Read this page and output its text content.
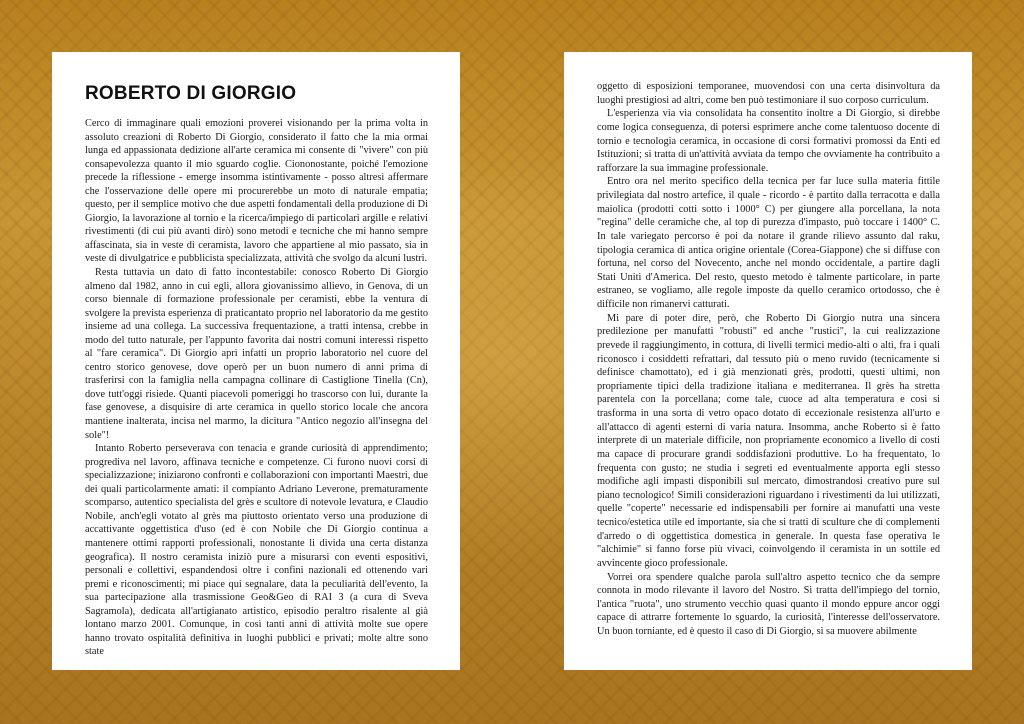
ROBERTO DI GIORGIO

Cerco di immaginare quali emozioni proverei visionando per la prima volta in assoluto creazioni di Roberto Di Giorgio, considerato il fatto che la mia ormai lunga ed appassionata dedizione all'arte ceramica mi consente di "vivere" con più consapevolezza quanto il mio sguardo coglie. Ciononostante, poiché l'emozione precede la riflessione - emerge insomma istintivamente - posso altresì affermare che l'osservazione delle opere mi procurerebbe un moto di naturale empatia; questo, per il semplice motivo che due aspetti fondamentali della produzione di Di Giorgio, la lavorazione al tornio e la ricerca/impiego di particolari argille e relativi rivestimenti (di cui più avanti dirò) sono metodi e tecniche che mi hanno sempre affascinata, sia in veste di ceramista, lavoro che appartiene al mio passato, sia in veste di divulgatrice e pubblicista specializzata, attività che svolgo da alcuni lustri.

Resta tuttavia un dato di fatto incontestabile: conosco Roberto Di Giorgio almeno dal 1982, anno in cui egli, allora giovanissimo allievo, in Genova, di un corso biennale di formazione professionale per ceramisti, ebbe la ventura di svolgere la prevista esperienza di praticantato proprio nel laboratorio da me gestito insieme ad una collega. La successiva frequentazione, a tratti intensa, crebbe in modo del tutto naturale, per l'appunto favorita dai nostri comuni interessi rispetto al "fare ceramica". Di Giorgio aprì infatti un proprio laboratorio nel cuore del centro storico genovese, dove operò per un buon numero di anni prima di trasferirsi con la famiglia nella campagna collinare di Castiglione Tinella (Cn), dove tutt'oggi risiede. Quanti piacevoli pomeriggi ho trascorso con lui, durante la fase genovese, a disquisire di arte ceramica in quello storico locale che ancora mantiene inalterata, incisa nel marmo, la dicitura "Antico negozio all'insegna del sole"!

Intanto Roberto perseverava con tenacia e grande curiosità di apprendimento; progrediva nel lavoro, affinava tecniche e competenze. Ci furono nuovi corsi di specializzazione; iniziarono confronti e collaborazioni con importanti Maestri, due dei quali particolarmente amati: il compianto Adriano Leverone, prematuramente scomparso, autentico specialista del grès e scultore di notevole levatura, e Claudio Nobile, anch'egli votato al grès ma piuttosto orientato verso una produzione di accattivante oggettistica d'uso (ed è con Nobile che Di Giorgio continua a mantenere ottimi rapporti professionali, nonostante li divida una certa distanza geografica). Il nostro ceramista iniziò pure a misurarsi con eventi espositivi, personali e collettivi, espandendosi oltre i confini nazionali ed ottenendo vari premi e riconoscimenti; mi piace qui segnalare, data la peculiarità dell'evento, la sua partecipazione alla trasmissione Geo&Geo di RAI 3 (a cura di Sveva Sagramola), dedicata all'artigianato artistico, episodio peraltro risalente al già lontano marzo 2001. Comunque, in così tanti anni di attività molte sue opere hanno trovato ospitalità definitiva in luoghi pubblici e privati; molte altre sono state

oggetto di esposizioni temporanee, muovendosi con una certa disinvoltura da luoghi prestigiosi ad altri, come ben può testimoniare il suo corposo curriculum.

L'esperienza via via consolidata ha consentito inoltre a Di Giorgio, si direbbe come logica conseguenza, di potersi esprimere anche come talentuoso docente di tornio e tecnologia ceramica, in occasione di corsi formativi promossi da Enti ed Istituzioni; si tratta di un'attività avviata da tempo che ovviamente ha contribuito a rafforzare la sua immagine professionale.

Entro ora nel merito specifico della tecnica per far luce sulla materia fittile privilegiata dal nostro artefice, il quale - ricordo - è partito dalla terracotta e dalla maiolica (prodotti cotti sotto i 1000° C) per giungere alla porcellana, la nota "regina" delle ceramiche che, al top di purezza d'impasto, può toccare i 1400° C. In tale variegato percorso è poi da notare il grande rilievo assunto dal raku, tipologia ceramica di antica origine orientale (Corea-Giappone) che si diffuse con fortuna, nel corso del Novecento, anche nel mondo occidentale, a partire dagli Stati Uniti d'America. Del resto, questo metodo è talmente particolare, in parte estraneo, se vogliamo, alle regole imposte da quello ceramico ortodosso, che è difficile non rimanervi catturati.

Mi pare di poter dire, però, che Roberto Di Giorgio nutra una sincera predilezione per manufatti "robusti" ed anche "rustici", la cui realizzazione prevede il raggiungimento, in cottura, di livelli termici medio-alti o alti, fra i quali riconosco i cosiddetti refrattari, dal tessuto più o meno ruvido (tecnicamente si definisce chamottato), ed i già menzionati grès, prodotti, questi ultimi, non propriamente tipici della tradizione italiana e mediterranea. Il grès ha stretta parentela con la porcellana; come tale, cuoce ad alta temperatura e così si trasforma in una sorta di vetro opaco dotato di eccezionale resistenza all'urto e all'attacco di agenti esterni di varia natura. Insomma, anche Roberto si è fatto interprete di un materiale difficile, non propriamente economico a livello di costi ma capace di procurare grandi soddisfazioni produttive. Lo ha frequentato, lo frequenta con gusto; ne studia i segreti ed eventualmente apporta egli stesso modifiche agli impasti disponibili sul mercato, dimostrandosi creativo pure sul piano tecnologico! Simili considerazioni riguardano i rivestimenti da lui utilizzati, quelle "coperte" necessarie ed indispensabili per fornire ai manufatti una veste tecnico/estetica utile ed importante, sia che si tratti di sculture che di complementi d'arredo o di oggettistica domestica in generale. In questa fase operativa le "alchimie" si fanno forse più vivaci, coinvolgendo il ceramista in un sottile ed avvincente gioco professionale.

Vorrei ora spendere qualche parola sull'altro aspetto tecnico che da sempre connota in modo rilevante il lavoro del Nostro. Si tratta dell'impiego del tornio, l'antica "ruota", uno strumento vecchio quasi quanto il mondo eppure ancor oggi capace di attrarre fortemente lo sguardo, la curiosità, l'interesse dell'osservatore. Un buon torniante, ed è questo il caso di Di Giorgio, si sa muovere abilmente
